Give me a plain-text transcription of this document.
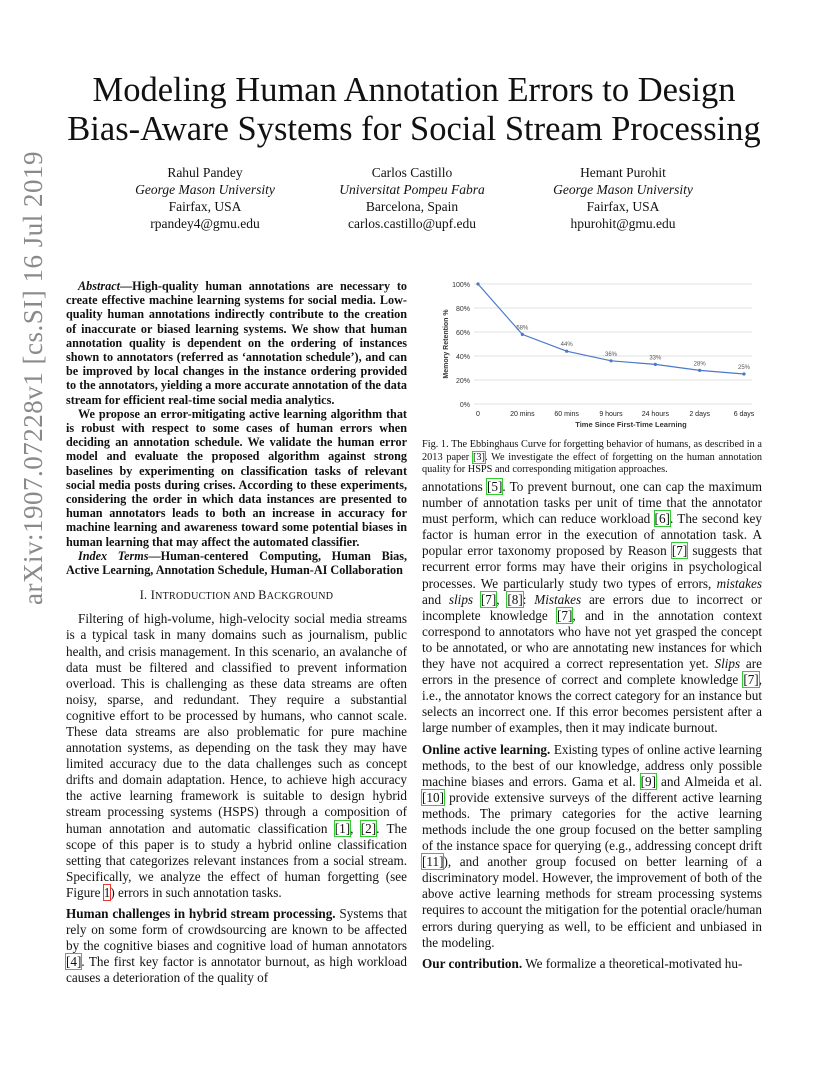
arXiv:1907.07228v1 [cs.SI] 16 Jul 2019
Modeling Human Annotation Errors to Design
Bias-Aware Systems for Social Stream Processing
Rahul Pandey
George Mason University
Fairfax, USA
rpandey4@gmu.edu
Carlos Castillo
Universitat Pompeu Fabra
Barcelona, Spain
carlos.castillo@upf.edu
Hemant Purohit
George Mason University
Fairfax, USA
hpurohit@gmu.edu

Abstract—High-quality human annotations are necessary to create effective machine learning systems for social media. Low-quality human annotations indirectly contribute to the creation of inaccurate or biased learning systems. We show that human annotation quality is dependent on the ordering of instances shown to annotators (referred as ‘annotation schedule’), and can be improved by local changes in the instance ordering provided to the annotators, yielding a more accurate annotation of the data stream for efficient real-time social media analytics.

We propose an error-mitigating active learning algorithm that is robust with respect to some cases of human errors when deciding an annotation schedule. We validate the human error model and evaluate the proposed algorithm against strong baselines by experimenting on classification tasks of relevant social media posts during crises. According to these experiments, considering the order in which data instances are presented to human annotators leads to both an increase in accuracy for machine learning and awareness toward some potential biases in human learning that may affect the automated classifier.

Index Terms—Human-centered Computing, Human Bias, Active Learning, Annotation Schedule, Human-AI Collaboration

I. INTRODUCTION AND BACKGROUND

Filtering of high-volume, high-velocity social media streams is a typical task in many domains such as journalism, public health, and crisis management. In this scenario, an avalanche of data must be filtered and classified to prevent information overload. This is challenging as these data streams are often noisy, sparse, and redundant. They require a substantial cognitive effort to be processed by humans, who cannot scale. These data streams are also problematic for pure machine annotation systems, as depending on the task they may have limited accuracy due to the data challenges such as concept drifts and domain adaptation. Hence, to achieve high accuracy the active learning framework is suitable to design hybrid stream processing systems (HSPS) through a composition of human annotation and automatic classification [1], [2]. The scope of this paper is to study a hybrid online classification setting that categorizes relevant instances from a social stream. Specifically, we analyze the effect of human forgetting (see Figure 1) errors in such annotation tasks.

Human challenges in hybrid stream processing. Systems that rely on some form of crowdsourcing are known to be affected by the cognitive biases and cognitive load of human annotators [4]. The first key factor is annotator burnout, as high workload causes a deterioration of the quality of

0%
20%
40%
60%
80%
100%
0	20 mins	60 mins	9 hours	24 hours	2 days	6 days
Time Since First-Time Learning
Memory Retention %	58%
44%
36%
33%
28%
25%
Fig. 1. The Ebbinghaus Curve for forgetting behavior of humans, as described in a 2013 paper [3]. We investigate the effect of forgetting on the human annotation quality for HSPS and corresponding mitigation approaches.

annotations [5]. To prevent burnout, one can cap the maximum number of annotation tasks per unit of time that the annotator must perform, which can reduce workload [6]. The second key factor is human error in the execution of annotation task. A popular error taxonomy proposed by Reason [7] suggests that recurrent error forms may have their origins in psychological processes. We particularly study two types of errors, mistakes and slips [7], [8]: Mistakes are errors due to incorrect or incomplete knowledge [7], and in the annotation context correspond to annotators who have not yet grasped the concept to be annotated, or who are annotating new instances for which they have not acquired a correct representation yet. Slips are errors in the presence of correct and complete knowledge [7], i.e., the annotator knows the correct category for an instance but selects an incorrect one. If this error becomes persistent after a large number of examples, then it may indicate burnout.

Online active learning. Existing types of online active learning methods, to the best of our knowledge, address only possible machine biases and errors. Gama et al. [9] and Almeida et al. [10] provide extensive surveys of the different active learning methods. The primary categories for the active learning methods include the one group focused on the better sampling of the instance space for querying (e.g., addressing concept drift [11]), and another group focused on better learning of a discriminatory model. However, the improvement of both of the above active learning methods for stream processing systems requires to account the mitigation for the potential oracle/human errors during querying as well, to be efficient and unbiased in the modeling.

Our contribution. We formalize a theoretical-motivated hu-
